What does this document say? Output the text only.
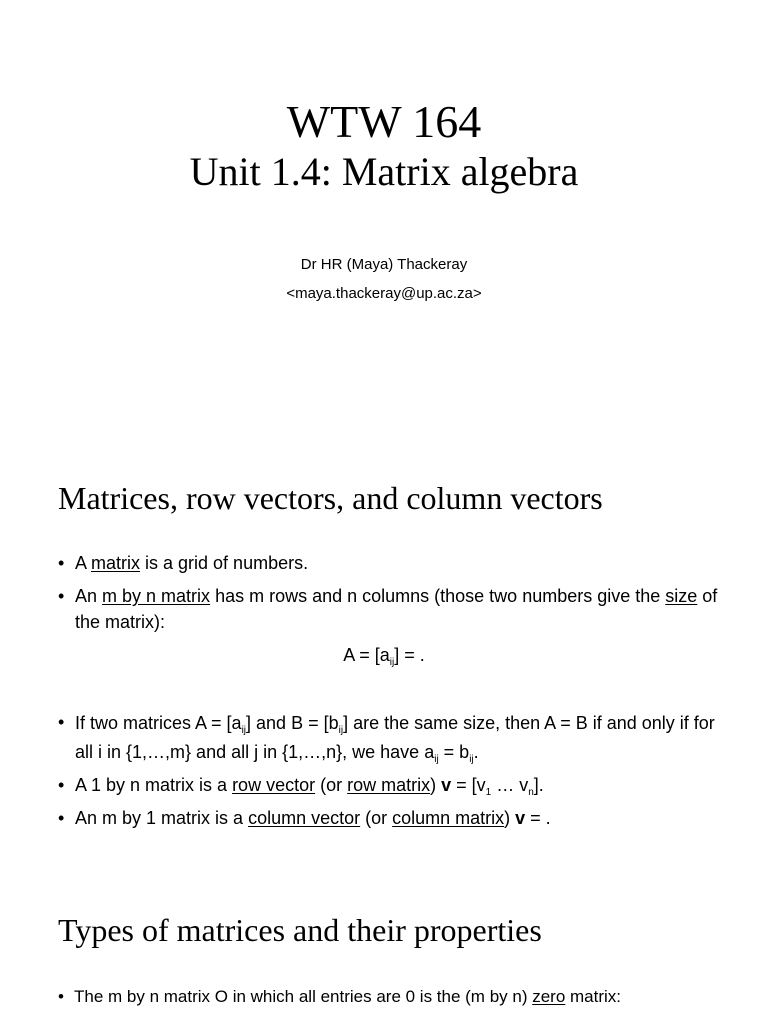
WTW 164
Unit 1.4: Matrix algebra
Dr HR (Maya) Thackeray
<maya.thackeray@up.ac.za>
Matrices, row vectors, and column vectors
• A matrix is a grid of numbers.
• An m by n matrix has m rows and n columns (those two numbers give the size of the matrix):
$A = [a_{ij}]$ = .
• If two matrices $A = [a_{ij}]$ and $B = [b_{ij}]$ are the same size, then A = B if and only if for all i in {1,…,m} and all j in {1,…,n}, we have $a_{ij} = b_{ij}$.
• A 1 by n matrix is a row vector (or row matrix) $v = [v_1$ … $v_n$].
• An m by 1 matrix is a column vector (or column matrix) v = .
Types of matrices and their properties
• The m by n matrix O in which all entries are 0 is the (m by n) zero matrix:
